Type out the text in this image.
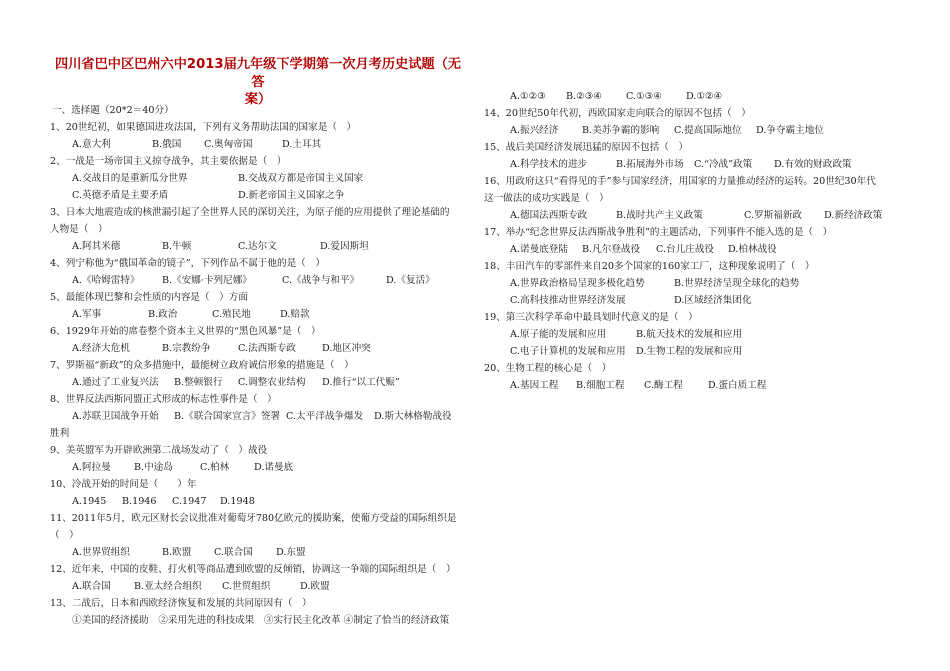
四川省巴中区巴州六中2013届九年级下学期第一次月考历史试题（无答
案）
一、选择题（20*2＝40分）
1、20世纪初，如果德国进攻法国，下列有义务帮助法国的国家是（　）
A.意大利	B.俄国 C.奥匈帝国	D.土耳其
2、一战是一场帝国主义掠夺战争，其主要依据是（　）
A.交战目的是重新瓜分世界	B.交战双方都是帝国主义国家
C.英德矛盾是主要矛盾	D.新老帝国主义国家之争
3、日本大地震造成的核泄漏引起了全世界人民的深切关注，为原子能的应用提供了理论基础的
人物是（　）
A.阿其米德	B.牛顿	C.达尔文	D.爱因斯坦
4、列宁称他为“俄国革命的镜子”，下列作品不属于他的是（　）
A.《哈姆雷特》 B.《安娜·卡列尼娜》	C.《战争与和平》	D.《复活》
5、最能体现巴黎和会性质的内容是（　）方面
A.军事	B.政治	C.殖民地	D.赔款
6、1929年开始的席卷整个资本主义世界的“黑色风暴”是（　）
A.经济大危机	B.宗教纷争	C.法西斯专政	D.地区冲突
7、罗斯福“新政”的众多措施中，最能树立政府诚信形象的措施是（　）
A.通过了工业复兴法 B.整顿银行 C.调整农业结构 D.推行“以工代赈”
8、世界反法西斯同盟正式形成的标志性事件是（　）
A.苏联卫国战争开始 B.《联合国家宣言》签署 C.太平洋战争爆发 D.斯大林格勒战役
胜利
9、美英盟军为开辟欧洲第二战场发动了（　）战役
A.阿拉曼 B.中途岛	C.柏林	D.诺曼底
10、冷战开始的时间是（　　）年
A.1945 B.1946 C.1947 D.1948
11、2011年5月，欧元区财长会议批准对葡萄牙780亿欧元的援助案，使葡方受益的国际组织是
（　）
A.世界贸组织	B.欧盟 C.联合国 D.东盟
12、近年来，中国的皮鞋、打火机等商品遭到欧盟的反倾销，协调这一争端的国际组织是（　）
A.联合国 B.亚太经合组织 C.世贸组织	D.欧盟
13、二战后，日本和西欧经济恢复和发展的共同原因有（　）
①美国的经济援助　②采用先进的科技成果　③实行民主化改革 ④制定了恰当的经济政策
A.①②③ B.②③④	C.①③④	D.①②④
14、20世纪50年代初，西欧国家走向联合的原因不包括（　）
A.振兴经济 B.美苏争霸的影响 C.提高国际地位 D.争夺霸主地位
15、战后美国经济发展迅猛的原因不包括（　）
A.科学技术的进步	B.拓展海外市场 C.“冷战”政策 D.有效的财政政策
16、用政府这只“看得见的手”参与国家经济，用国家的力量推动经济的运转。20世纪30年代
这一做法的成功实践是（　）
A.德国法西斯专政	B.战时共产主义政策	C.罗斯福新政 D.新经济政策
17、举办“纪念世界反法西斯战争胜利”的主题活动，下列事件不能入选的是（　）
A.诺曼底登陆 B.凡尔登战役 C.台儿庄战役 D.柏林战役
18、丰田汽车的零部件来自20多个国家的160家工厂，这种现象说明了（　）
A.世界政治格局呈现多极化趋势	B.世界经济呈现全球化的趋势
C.高科技推动世界经济发展	D.区域经济集团化
19、第三次科学革命中最具划时代意义的是（　）
A.原子能的发展和应用	B.航天技术的发展和应用
C.电子计算机的发展和应用 D.生物工程的发展和应用
20、生物工程的核心是（　）
A.基因工程 B.细胞工程 C.酶工程	D.蛋白质工程
